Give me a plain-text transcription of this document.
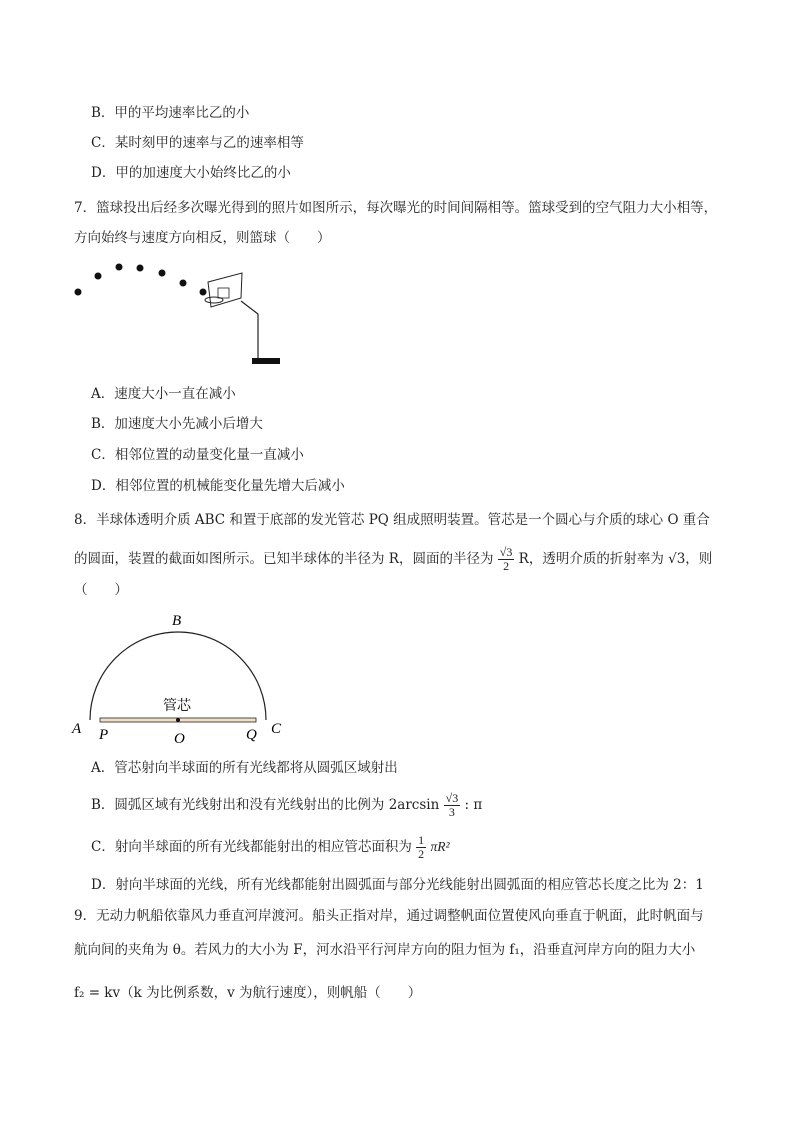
B．甲的平均速率比乙的小
C．某时刻甲的速率与乙的速率相等
D．甲的加速度大小始终比乙的小
7．篮球投出后经多次曝光得到的照片如图所示，每次曝光的时间间隔相等。篮球受到的空气阻力大小相等，
方向始终与速度方向相反，则篮球（　　）
A．速度大小一直在减小
B．加速度大小先减小后增大
C．相邻位置的动量变化量一直减小
D．相邻位置的机械能变化量先增大后减小
8．半球体透明介质 ABC 和置于底部的发光管芯 PQ 组成照明装置。管芯是一个圆心与介质的球心 O 重合
的圆面，装置的截面如图所示。已知半球体的半径为 R，圆面的半径为 $\frac{√3}{2}$ R，透明介质的折射率为 √3，则
（　　）
B
管芯
A P	O	Q C
A．管芯射向半球面的所有光线都将从圆弧区域射出
B．圆弧区域有光线射出和没有光线射出的比例为 $2\arcsin \frac{√3}{3}$ : π
C．射向半球面的所有光线都能射出的相应管芯面积为 $\frac{1}{2} \pi R^2$
D．射向半球面的光线，所有光线都能射出圆弧面与部分光线能射出圆弧面的相应管芯长度之比为 2：1
9．无动力帆船依靠风力垂直河岸渡河。船头正指对岸，通过调整帆面位置使风向垂直于帆面，此时帆面与
航向间的夹角为 θ。若风力的大小为 F，河水沿平行河岸方向的阻力恒为 f₁，沿垂直河岸方向的阻力大小
f₂ = kv（k 为比例系数，v 为航行速度），则帆船（　　）
